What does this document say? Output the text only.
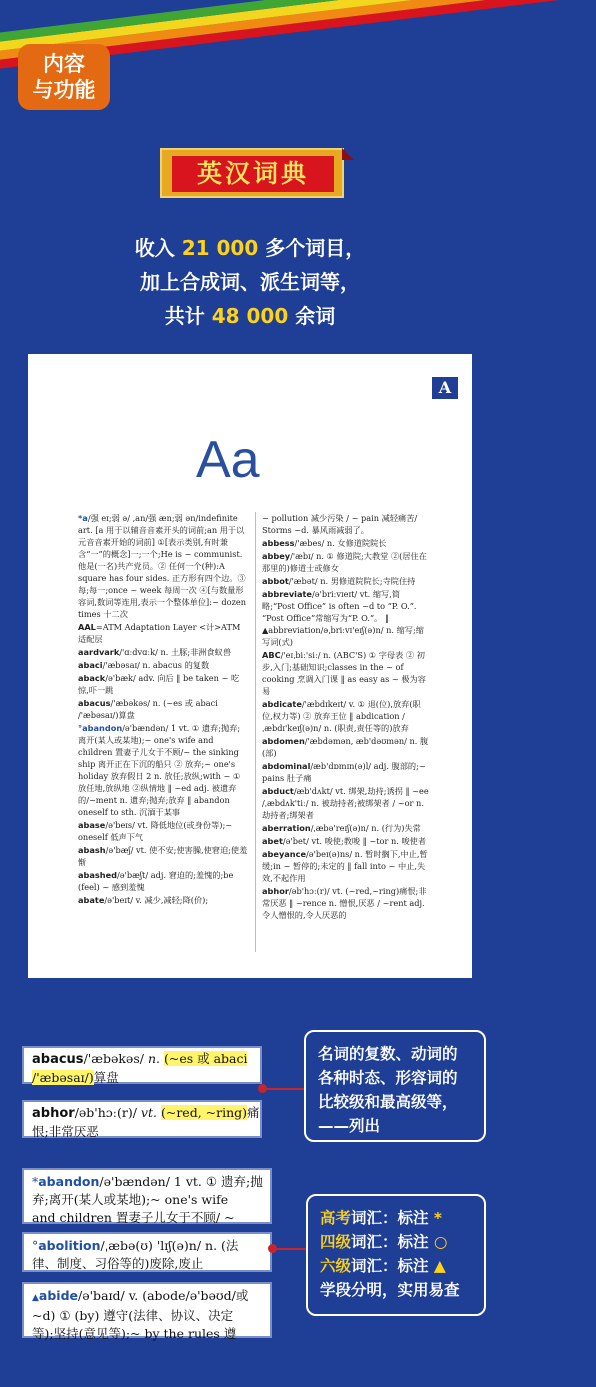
内容
与功能
英汉词典
收入 21 000 多个词目，
加上合成词、派生词等，
共计 48 000 余词
A
Aa
*a/强 eɪ;弱 ə/ ,an/强 æn;弱 ən/indefinite art. [a 用于以辅音音素开头的词前;an 用于以元音音素开始的词前] ①[表示类别,有时兼含“一”的概念]一;一个;He is ~ communist. 他是(一名)共产党员。② 任何一个(种):A square has four sides. 正方形有四个边。③ 每;每一;once ~ week 每周一次 ④[与数量形容词,数词等连用,表示一个整体单位]:~ dozen times 十二次
AAL=ATM Adaptation Layer <计>ATM 适配层
aardvark/'ɑːdvɑːk/ n. 土豚;非洲食蚁兽
abaci/'æbəsaɪ/ n. abacus 的复数
aback/ə'bæk/ adv. 向后 ‖ be taken ~ 吃惊,吓一跳
abacus/'æbəkəs/ n. (~es 或 abaci /'æbəsaɪ/)算盘
°abandon/ə'bændən/ 1 vt. ① 遗弃;抛弃;离开(某人或某地);~ one's wife and children 置妻子儿女于不顾/~ the sinking ship 离开正在下沉的船只 ② 放弃;~ one's holiday 放弃假日 2 n. 放任;放纵;with ~ ①放任地,放纵地 ②纵情地 ‖ ~ed adj. 被遗弃的/~ment n. 遗弃;抛弃;放弃 ‖ abandon oneself to sth. 沉湎于某事
abase/ə'beɪs/ vt. 降低地位(或身份等);~ oneself 低声下气
abash/ə'bæʃ/ vt. 使不安;使害臊,使窘迫;使羞惭
abashed/ə'bæʃt/ adj. 窘迫的;羞愧的;be (feel) ~ 感到羞愧
abate/ə'beɪt/ v. 减少,减轻;降(价);
~ pollution 减少污染 / ~ pain 减轻痛苦/ Storms ~d. 暴风雨减弱了。
abbess/'æbes/ n. 女修道院院长
abbey/'æbɪ/ n. ① 修道院;大教堂 ②(居住在那里的)修道士或修女
abbot/'æbət/ n. 男修道院院长;寺院住持
abbreviate/ə'briːvɪeɪt/ vt. 缩写,简略;“Post Office” is often ~d to “P. O.”. “Post Office”常缩写为“P. O.”。 ‖ ▲abbreviation/əˌbriːvɪ'eɪʃ(ə)n/ n. 缩写;缩写词(式)
ABC/'eɪˌbiː'siː/ n. (ABC'S) ① 字母表 ② 初步,入门;基础知识;classes in the ~ of cooking 烹调入门课 ‖ as easy as ~ 极为容易
abdicate/'æbdɪkeɪt/ v. ① 退(位),放弃(职位,权力等) ② 放弃王位 ‖ abdication /ˌæbdɪ'keɪʃ(ə)n/ n. (职责,责任等的)放弃
abdomen/'æbdəmən, æb'dəʊmən/ n. 腹(部)
abdominal/æb'dɒmɪn(ə)l/ adj. 腹部的;~ pains 肚子痛
abduct/æb'dʌkt/ vt. 绑架,劫持;诱拐 ‖ ~ee /ˌæbdʌk'tiː/ n. 被劫持者;被绑架者 / ~or n. 劫持者;绑架者
aberration/ˌæbə'reɪʃ(ə)n/ n. (行为)失常
abet/ə'bet/ vt. 唆使;教唆 ‖ ~tor n. 唆使者
abeyance/ə'beɪ(ə)ns/ n. 暂时搁下,中止,暂缓;in ~ 暂停的;未定的 ‖ fall into ~ 中止,失效,不起作用
abhor/əb'hɔː(r)/ vt. (~red,~ring)痛恨;非常厌恶 ‖ ~rence n. 憎恨,厌恶 / ~rent adj. 令人憎恨的,令人厌恶的
abacus/'æbəkəs/ n. (~es 或 abaci
/'æbəsaɪ/)算盘
abhor/əb'hɔː(r)/ vt. (~red, ~ring)痛
恨;非常厌恶
名词的复数、动词的
各种时态、形容词的
比较级和最高级等，
——列出
*abandon/ə'bændən/ 1 vt. ① 遗弃;抛
弃;离开(某人或某地);~ one's wife
and children 置妻子儿女于不顾/ ~
°abolition/ˌæbə(ʊ) 'lɪʃ(ə)n/ n. (法
律、制度、习俗等的)废除,废止
▲abide/ə'baɪd/ v. (abode/ə'bəʊd/或
~d) ① (by) 遵守(法律、协议、决定
等);坚持(意见等);~ by the rules 遵
高考词汇：标注 *
四级词汇：标注 ○
六级词汇：标注 ▲
学段分明，实用易查
